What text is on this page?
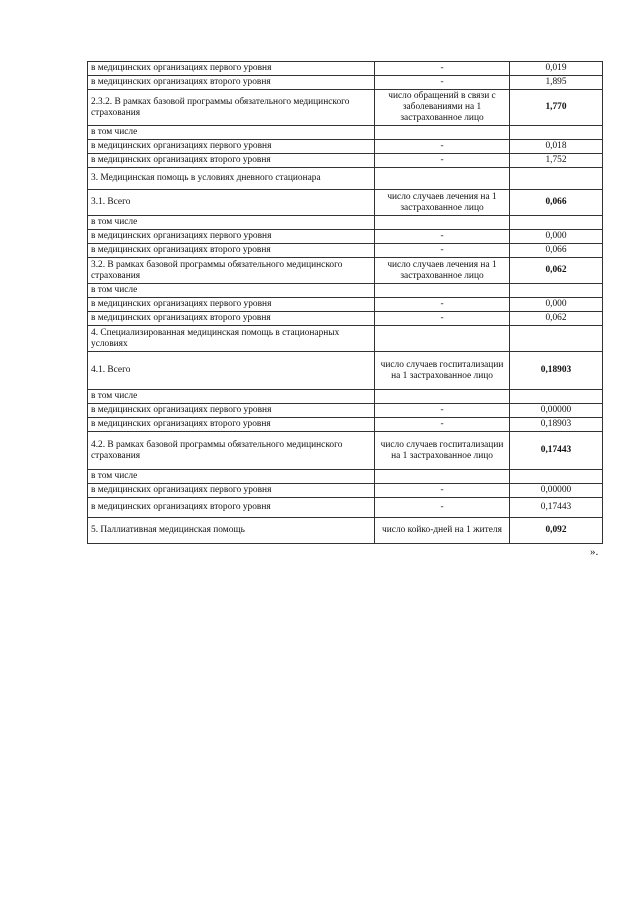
в медицинских организациях первого уровня	-	0,019
в медицинских организациях второго уровня	-	1,895
2.3.2. В рамках базовой программы обязательного медицинского страхования	число обращений в связи с заболеваниями на 1 застрахованное лицо	1,770
в том числе		
в медицинских организациях первого уровня	-	0,018
в медицинских организациях второго уровня	-	1,752
3. Медицинская помощь в условиях дневного стационара		
3.1. Всего	число случаев лечения на 1 застрахованное лицо	0,066
в том числе		
в медицинских организациях первого уровня	-	0,000
в медицинских организациях второго уровня	-	0,066
3.2. В рамках базовой программы обязательного медицинского страхования	число случаев лечения на 1 застрахованное лицо	0,062
в том числе		
в медицинских организациях первого уровня	-	0,000
в медицинских организациях второго уровня	-	0,062
4. Специализированная медицинская помощь в стационарных условиях		
4.1. Всего	число случаев госпитализации на 1 застрахованное лицо	0,18903
в том числе		
в медицинских организациях первого уровня	-	0,00000
в медицинских организациях второго уровня	-	0,18903
4.2. В рамках базовой программы обязательного медицинского страхования	число случаев госпитализации на 1 застрахованное лицо	0,17443
в том числе		
в медицинских организациях первого уровня	-	0,00000
в медицинских организациях второго уровня	-	0,17443
5. Паллиативная медицинская помощь	число койко-дней на 1 жителя	0,092
».
